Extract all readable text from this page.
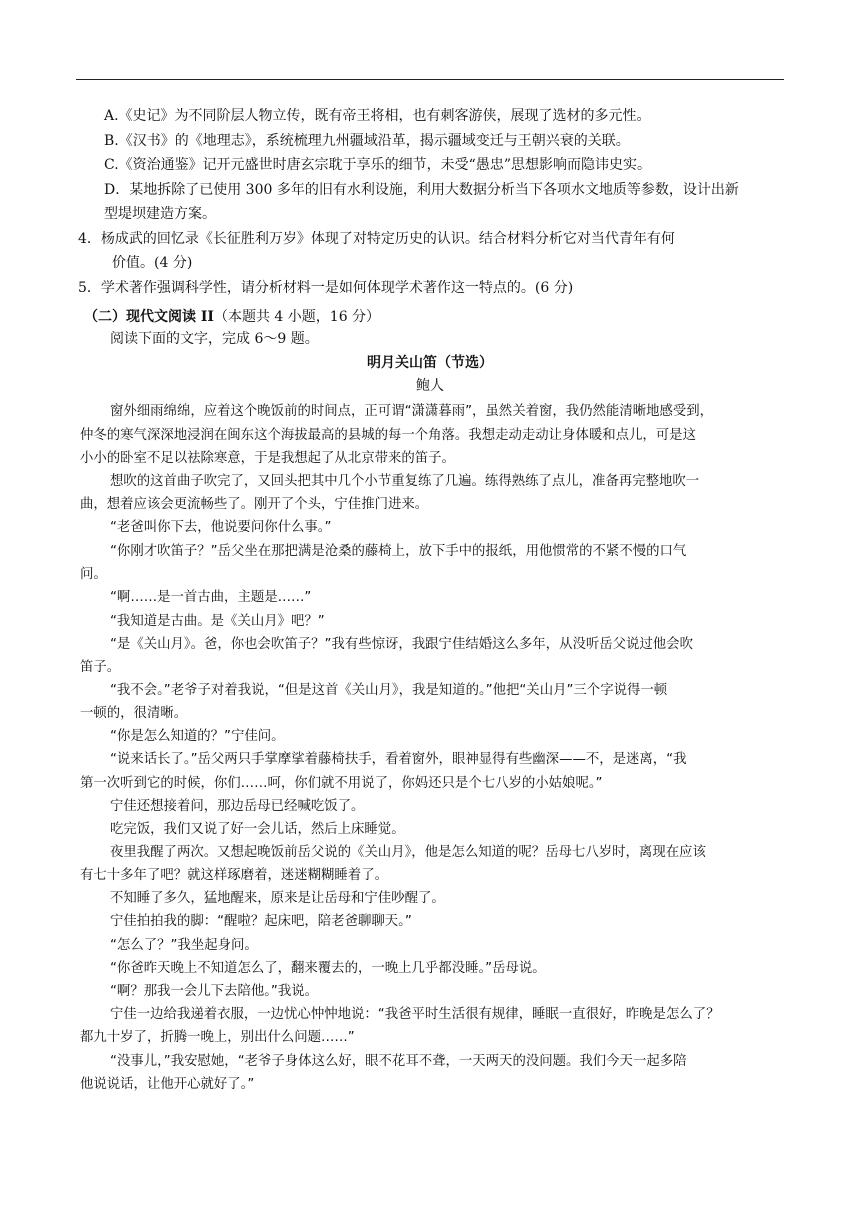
A.《史记》为不同阶层人物立传，既有帝王将相，也有刺客游侠，展现了选材的多元性。
B.《汉书》的《地理志》，系统梳理九州疆域沿革，揭示疆域变迁与王朝兴衰的关联。
C.《资治通鉴》记开元盛世时唐玄宗耽于享乐的细节，未受“愚忠”思想影响而隐讳史实。
D．某地拆除了已使用 300 多年的旧有水利设施，利用大数据分析当下各项水文地质等参数，设计出新
型堤坝建造方案。
4．杨成武的回忆录《长征胜利万岁》体现了对特定历史的认识。结合材料分析它对当代青年有何
价值。(4 分)
5．学术著作强调科学性，请分析材料一是如何体现学术著作这一特点的。(6 分)
（二）现代文阅读 II（本题共 4 小题，16 分）
阅读下面的文字，完成 6～9 题。
明月关山笛（节选）
鲍人
窗外细雨绵绵，应着这个晚饭前的时间点，正可谓“潇潇暮雨”，虽然关着窗，我仍然能清晰地感受到，
仲冬的寒气深深地浸润在闽东这个海拔最高的县城的每一个角落。我想走动走动让身体暖和点儿，可是这
小小的卧室不足以祛除寒意，于是我想起了从北京带来的笛子。
想吹的这首曲子吹完了，又回头把其中几个小节重复练了几遍。练得熟练了点儿，准备再完整地吹一
曲，想着应该会更流畅些了。刚开了个头，宁佳推门进来。
“老爸叫你下去，他说要问你什么事。”
“你刚才吹笛子？”岳父坐在那把满是沧桑的藤椅上，放下手中的报纸，用他惯常的不紧不慢的口气
问。
“啊……是一首古曲，主题是……”
“我知道是古曲。是《关山月》吧？”
“是《关山月》。爸，你也会吹笛子？”我有些惊讶，我跟宁佳结婚这么多年，从没听岳父说过他会吹
笛子。
“我不会。”老爷子对着我说，“但是这首《关山月》，我是知道的。”他把“关山月”三个字说得一顿
一顿的，很清晰。
“你是怎么知道的？”宁佳问。
“说来话长了。”岳父两只手掌摩挲着藤椅扶手，看着窗外，眼神显得有些幽深——不，是迷离，“我
第一次听到它的时候，你们……呵，你们就不用说了，你妈还只是个七八岁的小姑娘呢。”
宁佳还想接着问，那边岳母已经喊吃饭了。
吃完饭，我们又说了好一会儿话，然后上床睡觉。
夜里我醒了两次。又想起晚饭前岳父说的《关山月》，他是怎么知道的呢？岳母七八岁时，离现在应该
有七十多年了吧？就这样琢磨着，迷迷糊糊睡着了。
不知睡了多久，猛地醒来，原来是让岳母和宁佳吵醒了。
宁佳拍拍我的脚：“醒啦？起床吧，陪老爸聊聊天。”
“怎么了？”我坐起身问。
“你爸昨天晚上不知道怎么了，翻来覆去的，一晚上几乎都没睡。”岳母说。
“啊？那我一会儿下去陪他。”我说。
宁佳一边给我递着衣服，一边忧心忡忡地说：“我爸平时生活很有规律，睡眠一直很好，昨晚是怎么了？
都九十岁了，折腾一晚上，别出什么问题……”
“没事儿，”我安慰她，“老爷子身体这么好，眼不花耳不聋，一天两天的没问题。我们今天一起多陪
他说说话，让他开心就好了。”
